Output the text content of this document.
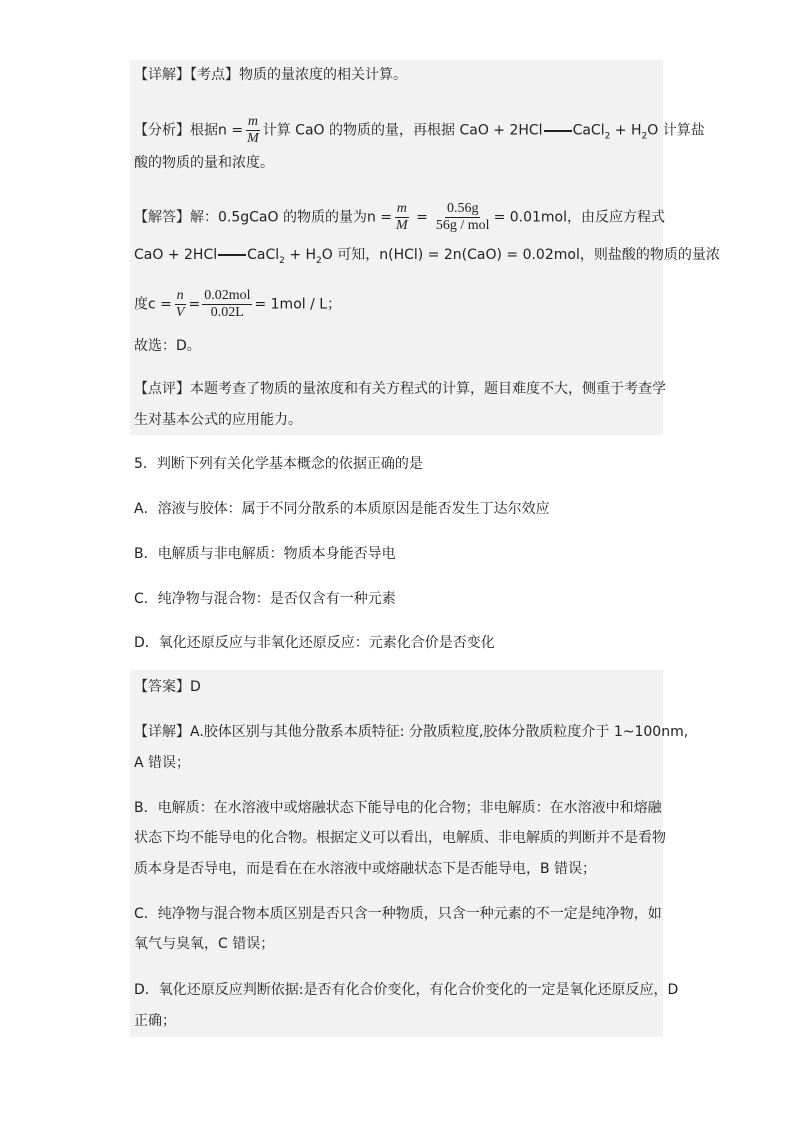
【详解】【考点】物质的量浓度的相关计算。
【分析】根据$n = \frac{m}{M}$ 计算 CaO 的物质的量，再根据 CaO + 2HCl CaCl$_2$ + $H_2O$ 计算盐
酸的物质的量和浓度。
【解答】解：0.5gCaO 的物质的量为$n = \frac{m}{M} = \frac{0.56g}{\text{56g / mol}} = 0.01mol$，由反应方程式
CaO + 2HCl CaCl$_2$ + $H_2O$ 可知，n(HCl) = 2n(CaO) = 0.02mol，则盐酸的物质的量浓
度$c = \frac{n}{V} = \frac{\text{0.02mol}}{0.02L} = 1mol / L$；
故选：D。
【点评】本题考查了物质的量浓度和有关方程式的计算，题目难度不大，侧重于考查学
生对基本公式的应用能力。
5．判断下列有关化学基本概念的依据正确的是
A．溶液与胶体：属于不同分散系的本质原因是能否发生丁达尔效应
B．电解质与非电解质：物质本身能否导电
C．纯净物与混合物：是否仅含有一种元素
D．氧化还原反应与非氧化还原反应：元素化合价是否变化
【答案】D
【详解】A.胶体区别与其他分散系本质特征: 分散质粒度,胶体分散质粒度介于 1~100nm,
A 错误；
B．电解质：在水溶液中或熔融状态下能导电的化合物；非电解质：在水溶液中和熔融
状态下均不能导电的化合物。根据定义可以看出，电解质、非电解质的判断并不是看物
质本身是否导电，而是看在在水溶液中或熔融状态下是否能导电，B 错误；
C．纯净物与混合物本质区别是否只含一种物质，只含一种元素的不一定是纯净物，如
氧气与臭氧，C 错误；
D．氧化还原反应判断依据:是否有化合价变化，有化合价变化的一定是氧化还原反应，D
正确；
